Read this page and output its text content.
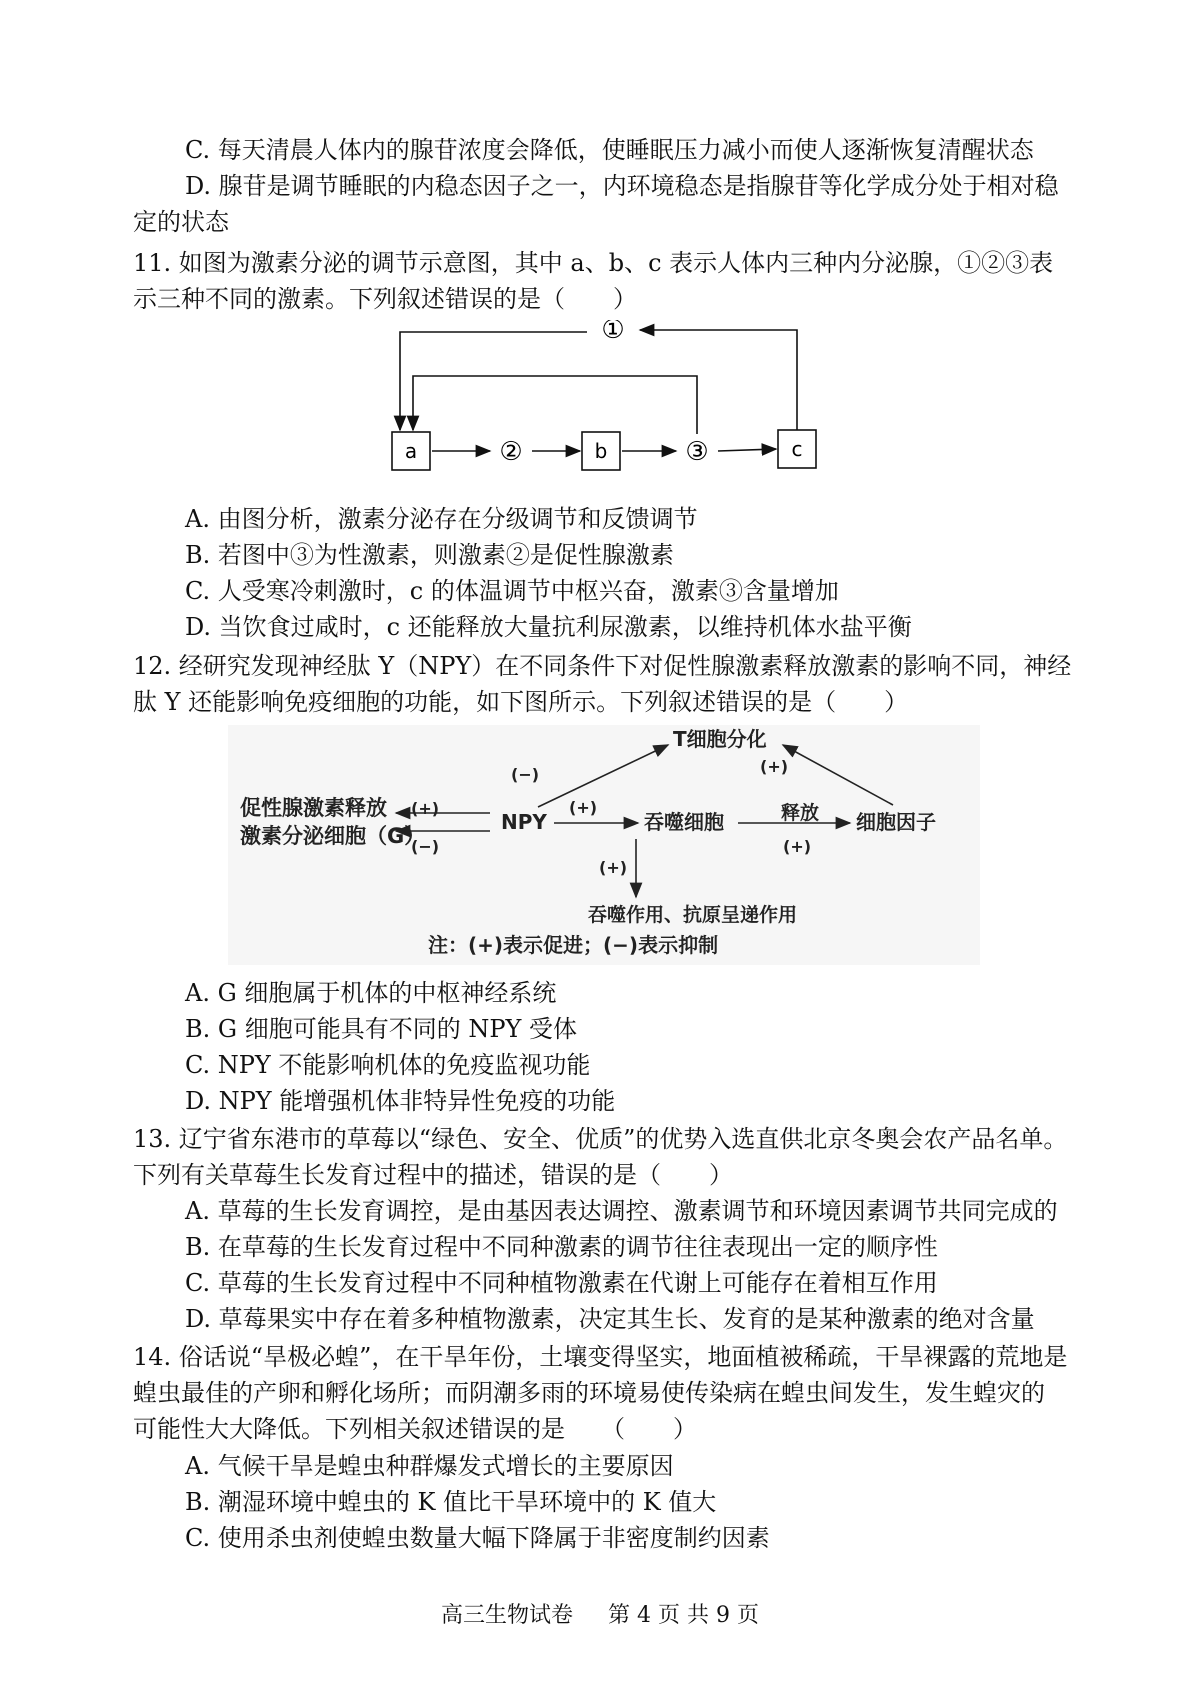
C. 每天清晨人体内的腺苷浓度会降低，使睡眠压力减小而使人逐渐恢复清醒状态
D. 腺苷是调节睡眠的内稳态因子之一，内环境稳态是指腺苷等化学成分处于相对稳
定的状态
11. 如图为激素分泌的调节示意图，其中 a、b、c 表示人体内三种内分泌腺，①②③表
示三种不同的激素。下列叙述错误的是（　　）
a	b	c
②	③
①
A. 由图分析，激素分泌存在分级调节和反馈调节
B. 若图中③为性激素，则激素②是促性腺激素
C. 人受寒冷刺激时，c 的体温调节中枢兴奋，激素③含量增加
D. 当饮食过咸时，c 还能释放大量抗利尿激素，以维持机体水盐平衡
12. 经研究发现神经肽 Y（NPY）在不同条件下对促性腺激素释放激素的影响不同，神经
肽 Y 还能影响免疫细胞的功能，如下图所示。下列叙述错误的是（　　）
促性腺激素释放
激素分泌细胞（G）
NPY
T细胞分化
吞噬细胞	细胞因子
释放
吞噬作用、抗原呈递作用
注：(+)表示促进；(−)表示抑制
(+)
(−)
(−)
(+)
(+)
(+)
(+)
A. G 细胞属于机体的中枢神经系统
B. G 细胞可能具有不同的 NPY 受体
C. NPY 不能影响机体的免疫监视功能
D. NPY 能增强机体非特异性免疫的功能
13. 辽宁省东港市的草莓以“绿色、安全、优质”的优势入选直供北京冬奥会农产品名单。
下列有关草莓生长发育过程中的描述，错误的是（　　）
A. 草莓的生长发育调控，是由基因表达调控、激素调节和环境因素调节共同完成的
B. 在草莓的生长发育过程中不同种激素的调节往往表现出一定的顺序性
C. 草莓的生长发育过程中不同种植物激素在代谢上可能存在着相互作用
D. 草莓果实中存在着多种植物激素，决定其生长、发育的是某种激素的绝对含量
14. 俗话说“旱极必蝗”，在干旱年份，土壤变得坚实，地面植被稀疏，干旱裸露的荒地是
蝗虫最佳的产卵和孵化场所；而阴潮多雨的环境易使传染病在蝗虫间发生，发生蝗灾的
可能性大大降低。下列相关叙述错误的是　　（　　）
A. 气候干旱是蝗虫种群爆发式增长的主要原因
B. 潮湿环境中蝗虫的 K 值比干旱环境中的 K 值大
C. 使用杀虫剂使蝗虫数量大幅下降属于非密度制约因素
高三生物试卷 第 4 页 共 9 页
